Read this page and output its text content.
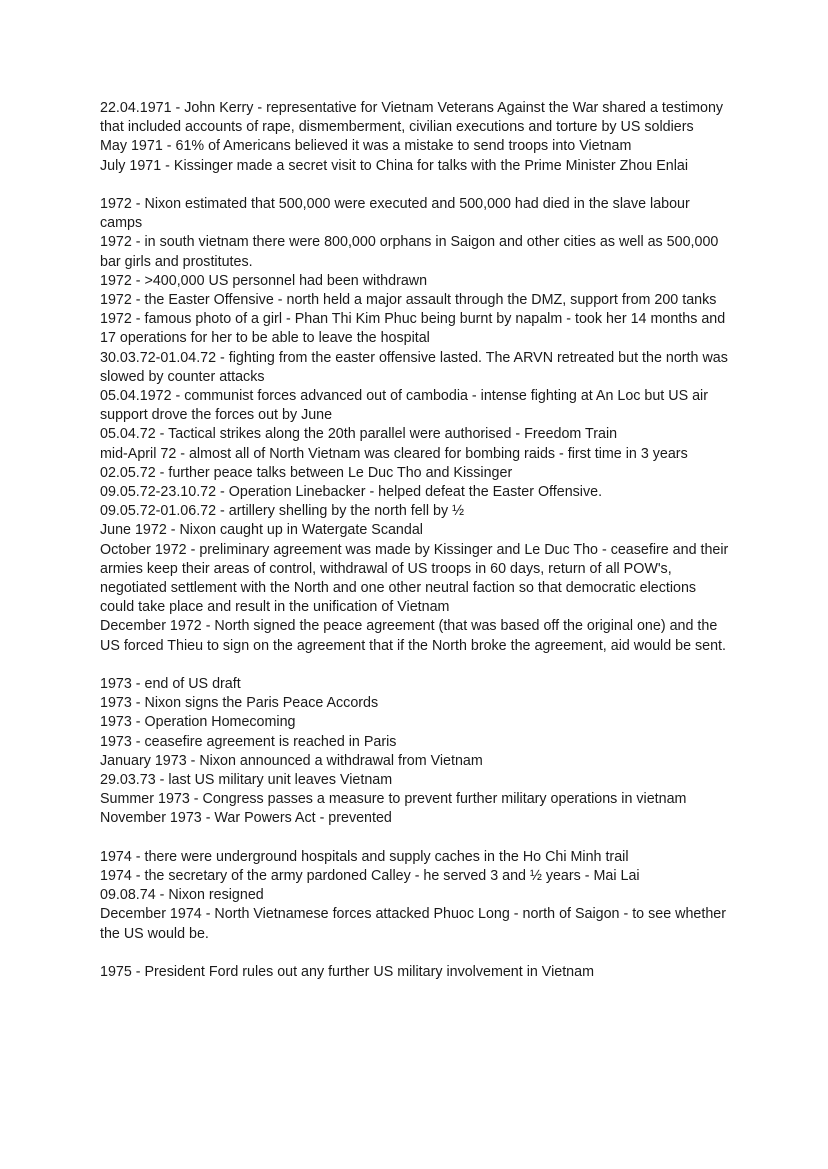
22.04.1971 - John Kerry - representative for Vietnam Veterans Against the War shared a testimony that included accounts of rape, dismemberment, civilian executions and torture by US soldiers

May 1971 - 61% of Americans believed it was a mistake to send troops into Vietnam

July 1971 - Kissinger made a secret visit to China for talks with the Prime Minister Zhou Enlai

1972 - Nixon estimated that 500,000 were executed and 500,000 had died in the slave labour camps

1972 - in south vietnam there were 800,000 orphans in Saigon and other cities as well as 500,000 bar girls and prostitutes.

1972 - >400,000 US personnel had been withdrawn

1972 - the Easter Offensive - north held a major assault through the DMZ, support from 200 tanks

1972 - famous photo of a girl - Phan Thi Kim Phuc being burnt by napalm - took her 14 months and 17 operations for her to be able to leave the hospital

30.03.72-01.04.72 - fighting from the easter offensive lasted. The ARVN retreated but the north was slowed by counter attacks

05.04.1972 - communist forces advanced out of cambodia - intense fighting at An Loc but US air support drove the forces out by June

05.04.72 - Tactical strikes along the 20th parallel were authorised - Freedom Train

mid-April 72 - almost all of North Vietnam was cleared for bombing raids - first time in 3 years

02.05.72 - further peace talks between Le Duc Tho and Kissinger

09.05.72-23.10.72 - Operation Linebacker - helped defeat the Easter Offensive.

09.05.72-01.06.72 - artillery shelling by the north fell by ½

June 1972 - Nixon caught up in Watergate Scandal

October 1972 - preliminary agreement was made by Kissinger and Le Duc Tho - ceasefire and their armies keep their areas of control, withdrawal of US troops in 60 days, return of all POW's, negotiated settlement with the North and one other neutral faction so that democratic elections could take place and result in the unification of Vietnam

December 1972 - North signed the peace agreement (that was based off the original one) and the US forced Thieu to sign on the agreement that if the North broke the agreement, aid would be sent.

1973 - end of US draft

1973 - Nixon signs the Paris Peace Accords

1973 - Operation Homecoming

1973 - ceasefire agreement is reached in Paris

January 1973 - Nixon announced a withdrawal from Vietnam

29.03.73 - last US military unit leaves Vietnam

Summer 1973 - Congress passes a measure to prevent further military operations in vietnam

November 1973 - War Powers Act - prevented

1974 - there were underground hospitals and supply caches in the Ho Chi Minh trail

1974 - the secretary of the army pardoned Calley - he served 3 and ½ years - Mai Lai

09.08.74 - Nixon resigned

December 1974 - North Vietnamese forces attacked Phuoc Long - north of Saigon - to see whether the US would be.

1975 - President Ford rules out any further US military involvement in Vietnam
